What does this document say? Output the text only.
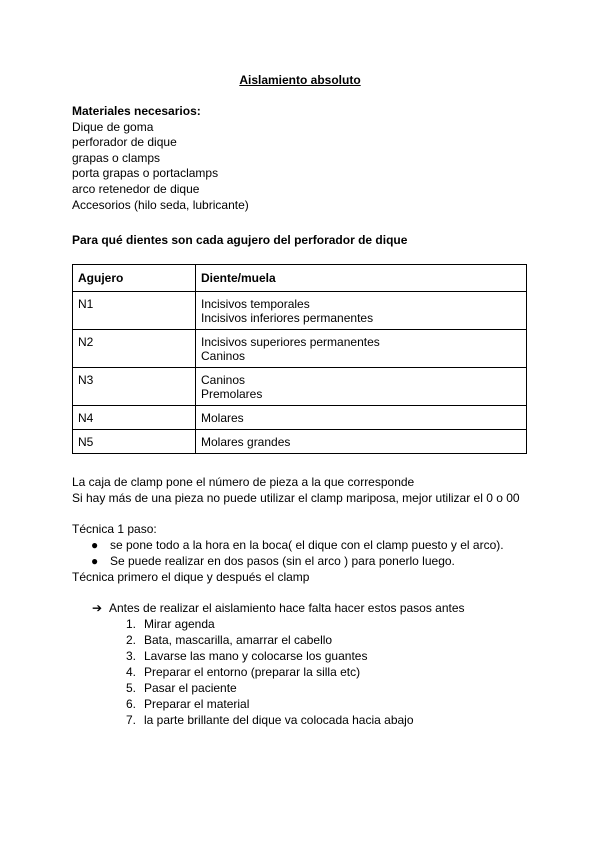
Aislamiento absoluto
Materiales necesarios:
Dique de goma
perforador de dique
grapas o clamps
porta grapas o portaclamps
arco retenedor de dique
Accesorios (hilo seda, lubricante)
Para qué dientes son cada agujero del perforador de dique
Agujero	Diente/muela
N1	Incisivos temporales
Incisivos inferiores permanentes

N2	Incisivos superiores permanentes
Caninos

N3	Caninos
Premolares

N4	Molares

N5	Molares grandes
La caja de clamp pone el número de pieza a la que corresponde
Si hay más de una pieza no puede utilizar el clamp mariposa, mejor utilizar el 0 o 00
Técnica 1 paso:
● se pone todo a la hora en la boca( el dique con el clamp puesto y el arco).
● Se puede realizar en dos pasos (sin el arco ) para ponerlo luego.
Técnica primero el dique y después el clamp
➔ Antes de realizar el aislamiento hace falta hacer estos pasos antes
1. Mirar agenda
2. Bata, mascarilla, amarrar el cabello
3. Lavarse las mano y colocarse los guantes
4. Preparar el entorno (preparar la silla etc)
5. Pasar el paciente
6. Preparar el material
7. la parte brillante del dique va colocada hacia abajo
